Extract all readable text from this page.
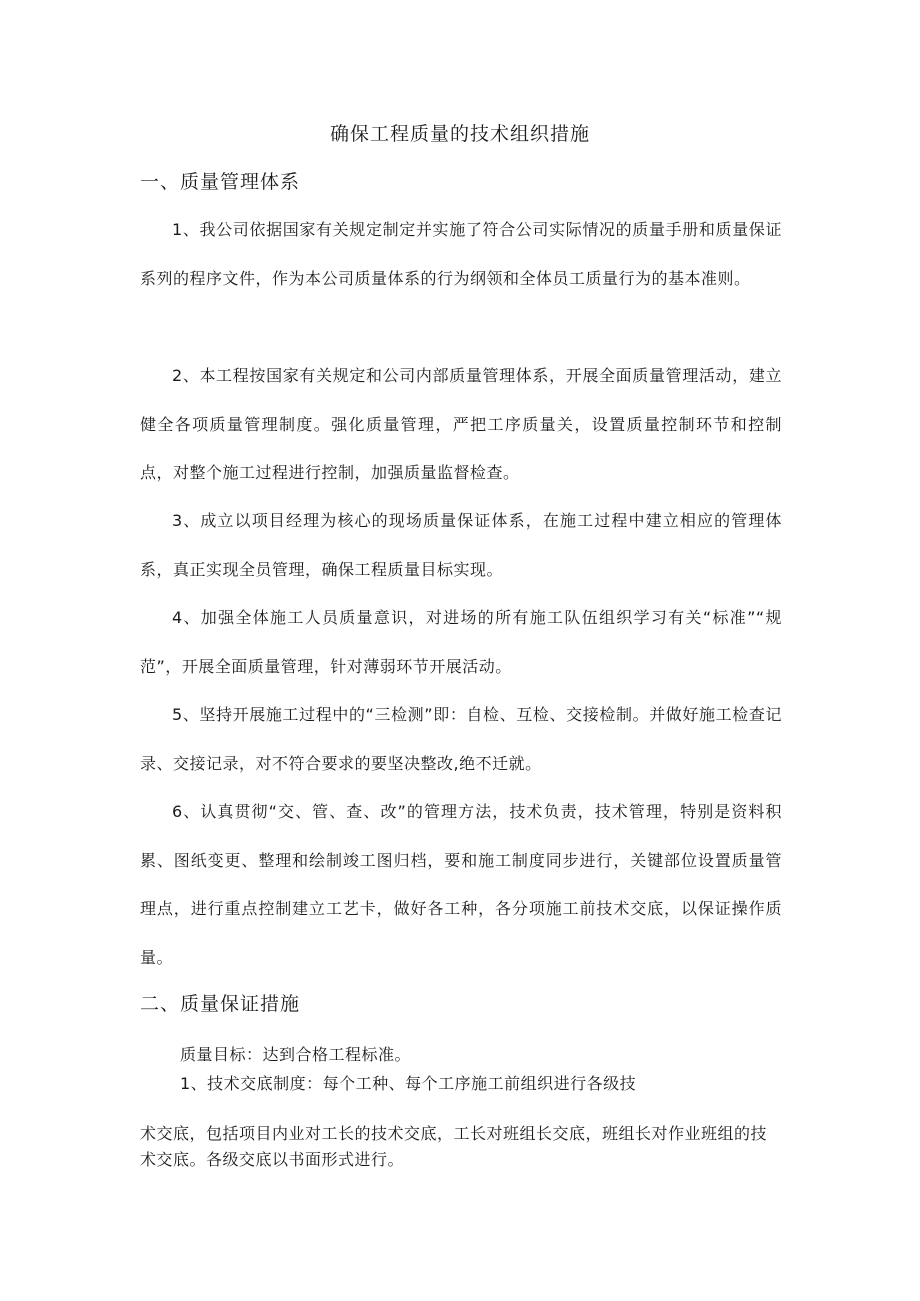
确保工程质量的技术组织措施
一、质量管理体系
1、我公司依据国家有关规定制定并实施了符合公司实际情况的质量手册和质量保证系列的程序文件，作为本公司质量体系的行为纲领和全体员工质量行为的基本准则。
2、本工程按国家有关规定和公司内部质量管理体系，开展全面质量管理活动，建立健全各项质量管理制度。强化质量管理，严把工序质量关，设置质量控制环节和控制点，对整个施工过程进行控制，加强质量监督检查。
3、成立以项目经理为核心的现场质量保证体系，在施工过程中建立相应的管理体系，真正实现全员管理，确保工程质量目标实现。
4、加强全体施工人员质量意识，对进场的所有施工队伍组织学习有关“标准”“规范”，开展全面质量管理，针对薄弱环节开展活动。
5、坚持开展施工过程中的“三检测”即：自检、互检、交接检制。并做好施工检查记录、交接记录，对不符合要求的要坚决整改,绝不迁就。
6、认真贯彻“交、管、查、改”的管理方法，技术负责，技术管理，特别是资料积累、图纸变更、整理和绘制竣工图归档，要和施工制度同步进行，关键部位设置质量管理点，进行重点控制建立工艺卡，做好各工种，各分项施工前技术交底，以保证操作质量。
二、质量保证措施
质量目标：达到合格工程标准。
1、技术交底制度：每个工种、每个工序施工前组织进行各级技
术交底，包括项目内业对工长的技术交底，工长对班组长交底，班组长对作业班组的技术交底。各级交底以书面形式进行。
